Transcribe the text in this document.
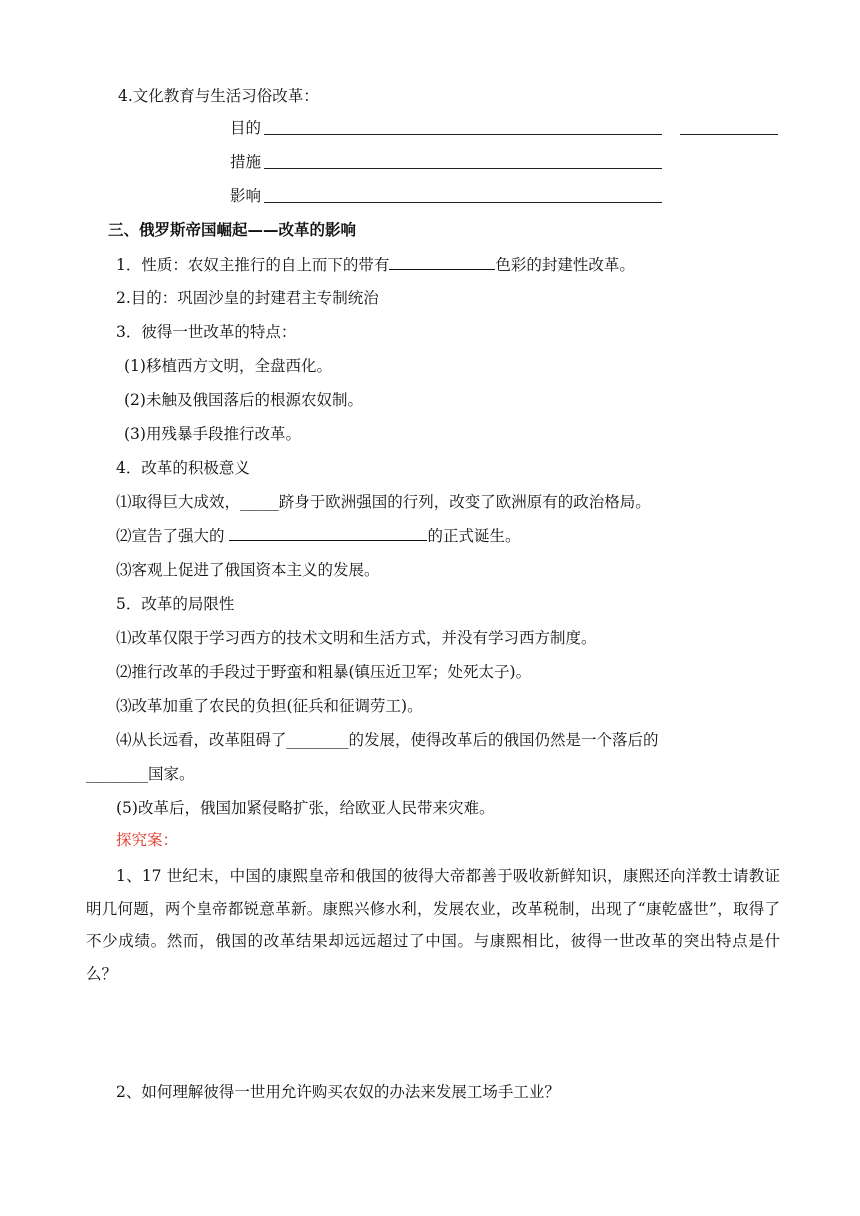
4.文化教育与生活习俗改革：
目的
措施
影响
三、俄罗斯帝国崛起——改革的影响
1．性质：农奴主推行的自上而下的带有	色彩的封建性改革。
2.目的：巩固沙皇的封建君主专制统治
3．彼得一世改革的特点：
(1)移植西方文明，全盘西化。
(2)未触及俄国落后的根源农奴制。
(3)用残暴手段推行改革。
4．改革的积极意义
⑴取得巨大成效，_____跻身于欧洲强国的行列，改变了欧洲原有的政治格局。
⑵宣告了强大的	的正式诞生。
⑶客观上促进了俄国资本主义的发展。
5．改革的局限性
⑴改革仅限于学习西方的技术文明和生活方式，并没有学习西方制度。
⑵推行改革的手段过于野蛮和粗暴(镇压近卫军；处死太子)。
⑶改革加重了农民的负担(征兵和征调劳工)。
⑷从长远看，改革阻碍了________的发展，使得改革后的俄国仍然是一个落后的
________国家。
(5)改革后，俄国加紧侵略扩张，给欧亚人民带来灾难。
探究案：
1、17 世纪末，中国的康熙皇帝和俄国的彼得大帝都善于吸收新鲜知识，康熙还向洋教士请教证明几何题，两个皇帝都锐意革新。康熙兴修水利，发展农业，改革税制，出现了“康乾盛世”，取得了不少成绩。然而，俄国的改革结果却远远超过了中国。与康熙相比，彼得一世改革的突出特点是什么？
2、如何理解彼得一世用允许购买农奴的办法来发展工场手工业？
